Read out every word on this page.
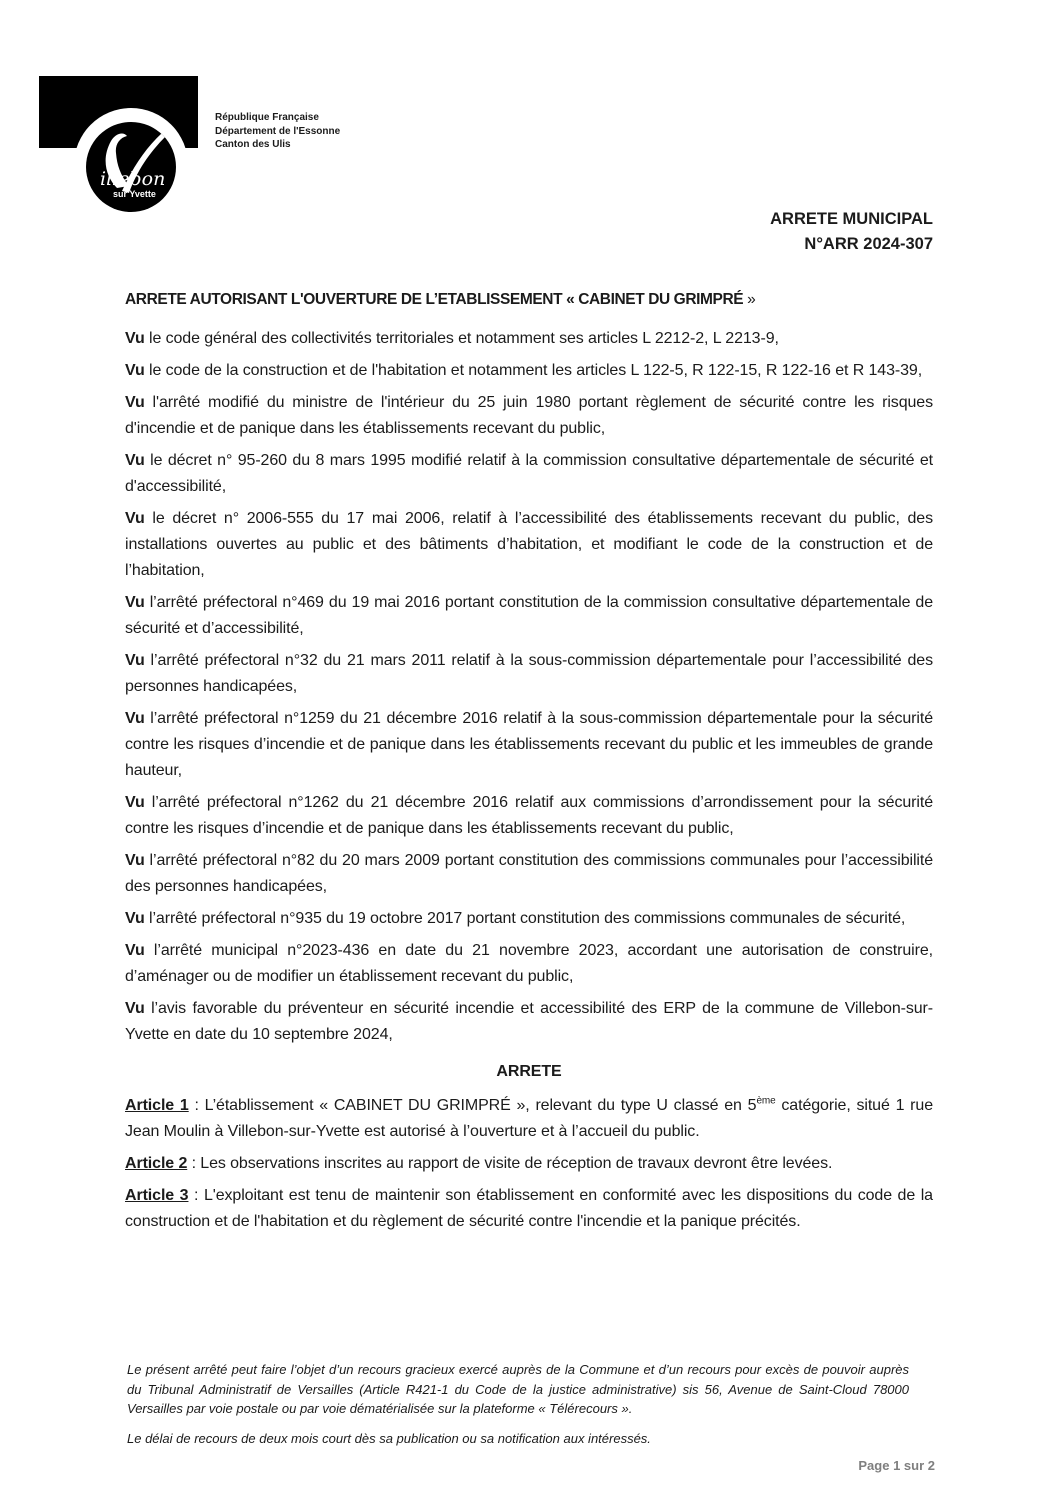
illebon
sur Yvette
République Française
Département de l'Essonne
Canton des Ulis
ARRETE MUNICIPAL
N°ARR 2024-307

ARRETE AUTORISANT L'OUVERTURE DE L’ETABLISSEMENT « CABINET DU GRIMPRÉ »

Vu le code général des collectivités territoriales et notamment ses articles L 2212-2, L 2213-9,

Vu le code de la construction et de l'habitation et notamment les articles L 122-5, R 122-15, R 122-16 et R 143-39,

Vu l'arrêté modifié du ministre de l'intérieur du 25 juin 1980 portant règlement de sécurité contre les risques d'incendie et de panique dans les établissements recevant du public,

Vu le décret n° 95-260 du 8 mars 1995 modifié relatif à la commission consultative départementale de sécurité et d'accessibilité,

Vu le décret n° 2006-555 du 17 mai 2006, relatif à l’accessibilité des établissements recevant du public, des installations ouvertes au public et des bâtiments d’habitation, et modifiant le code de la construction et de l’habitation,

Vu l’arrêté préfectoral n°469 du 19 mai 2016 portant constitution de la commission consultative départementale de sécurité et d’accessibilité,

Vu l’arrêté préfectoral n°32 du 21 mars 2011 relatif à la sous-commission départementale pour l’accessibilité des personnes handicapées,

Vu l’arrêté préfectoral n°1259 du 21 décembre 2016 relatif à la sous-commission départementale pour la sécurité contre les risques d’incendie et de panique dans les établissements recevant du public et les immeubles de grande hauteur,

Vu l’arrêté préfectoral n°1262 du 21 décembre 2016 relatif aux commissions d’arrondissement pour la sécurité contre les risques d’incendie et de panique dans les établissements recevant du public,

Vu l’arrêté préfectoral n°82 du 20 mars 2009 portant constitution des commissions communales pour l’accessibilité des personnes handicapées,

Vu l’arrêté préfectoral n°935 du 19 octobre 2017 portant constitution des commissions communales de sécurité,

Vu l’arrêté municipal n°2023-436 en date du 21 novembre 2023, accordant une autorisation de construire, d’aménager ou de modifier un établissement recevant du public,

Vu l’avis favorable du préventeur en sécurité incendie et accessibilité des ERP de la commune de Villebon-sur-Yvette en date du 10 septembre 2024,

ARRETE

Article 1 : L’établissement « CABINET DU GRIMPRÉ », relevant du type U classé en 5ème catégorie, situé 1 rue Jean Moulin à Villebon-sur-Yvette est autorisé à l’ouverture et à l’accueil du public.

Article 2 : Les observations inscrites au rapport de visite de réception de travaux devront être levées.

Article 3 : L'exploitant est tenu de maintenir son établissement en conformité avec les dispositions du code de la construction et de l'habitation et du règlement de sécurité contre l'incendie et la panique précités.

Le présent arrêté peut faire l’objet d’un recours gracieux exercé auprès de la Commune et d’un recours pour excès de pouvoir auprès du Tribunal Administratif de Versailles (Article R421-1 du Code de la justice administrative) sis 56, Avenue de Saint-Cloud 78000 Versailles par voie postale ou par voie dématérialisée sur la plateforme « Télérecours ».

Le délai de recours de deux mois court dès sa publication ou sa notification aux intéressés.

Page 1 sur 2
